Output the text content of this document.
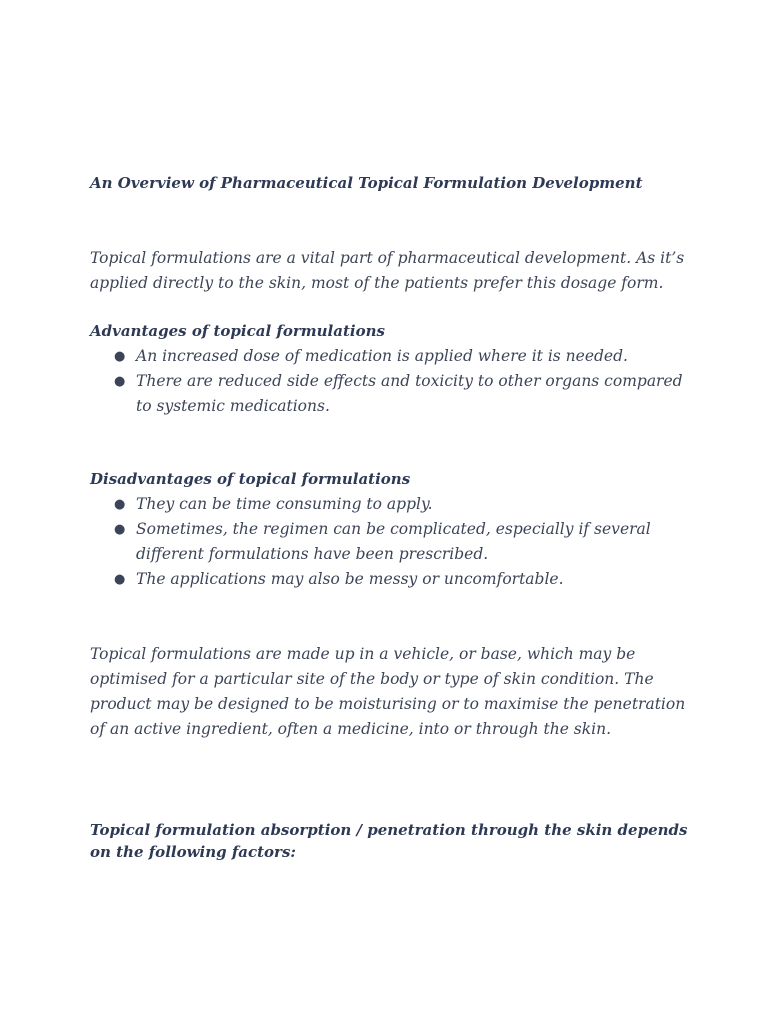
An Overview of Pharmaceutical Topical Formulation Development

Topical formulations are a vital part of pharmaceutical development. As it’s applied directly to the skin, most of the patients prefer this dosage form.

Advantages of topical formulations
● An increased dose of medication is applied where it is needed.
● There are reduced side effects and toxicity to other organs compared to systemic medications.
Disadvantages of topical formulations
● They can be time consuming to apply.
● Sometimes, the regimen can be complicated, especially if several different formulations have been prescribed.
● The applications may also be messy or uncomfortable.

Topical formulations are made up in a vehicle, or base, which may be optimised for a particular site of the body or type of skin condition. The product may be designed to be moisturising or to maximise the penetration of an active ingredient, often a medicine, into or through the skin.

Topical formulation absorption / penetration through the skin depends on the following factors:
